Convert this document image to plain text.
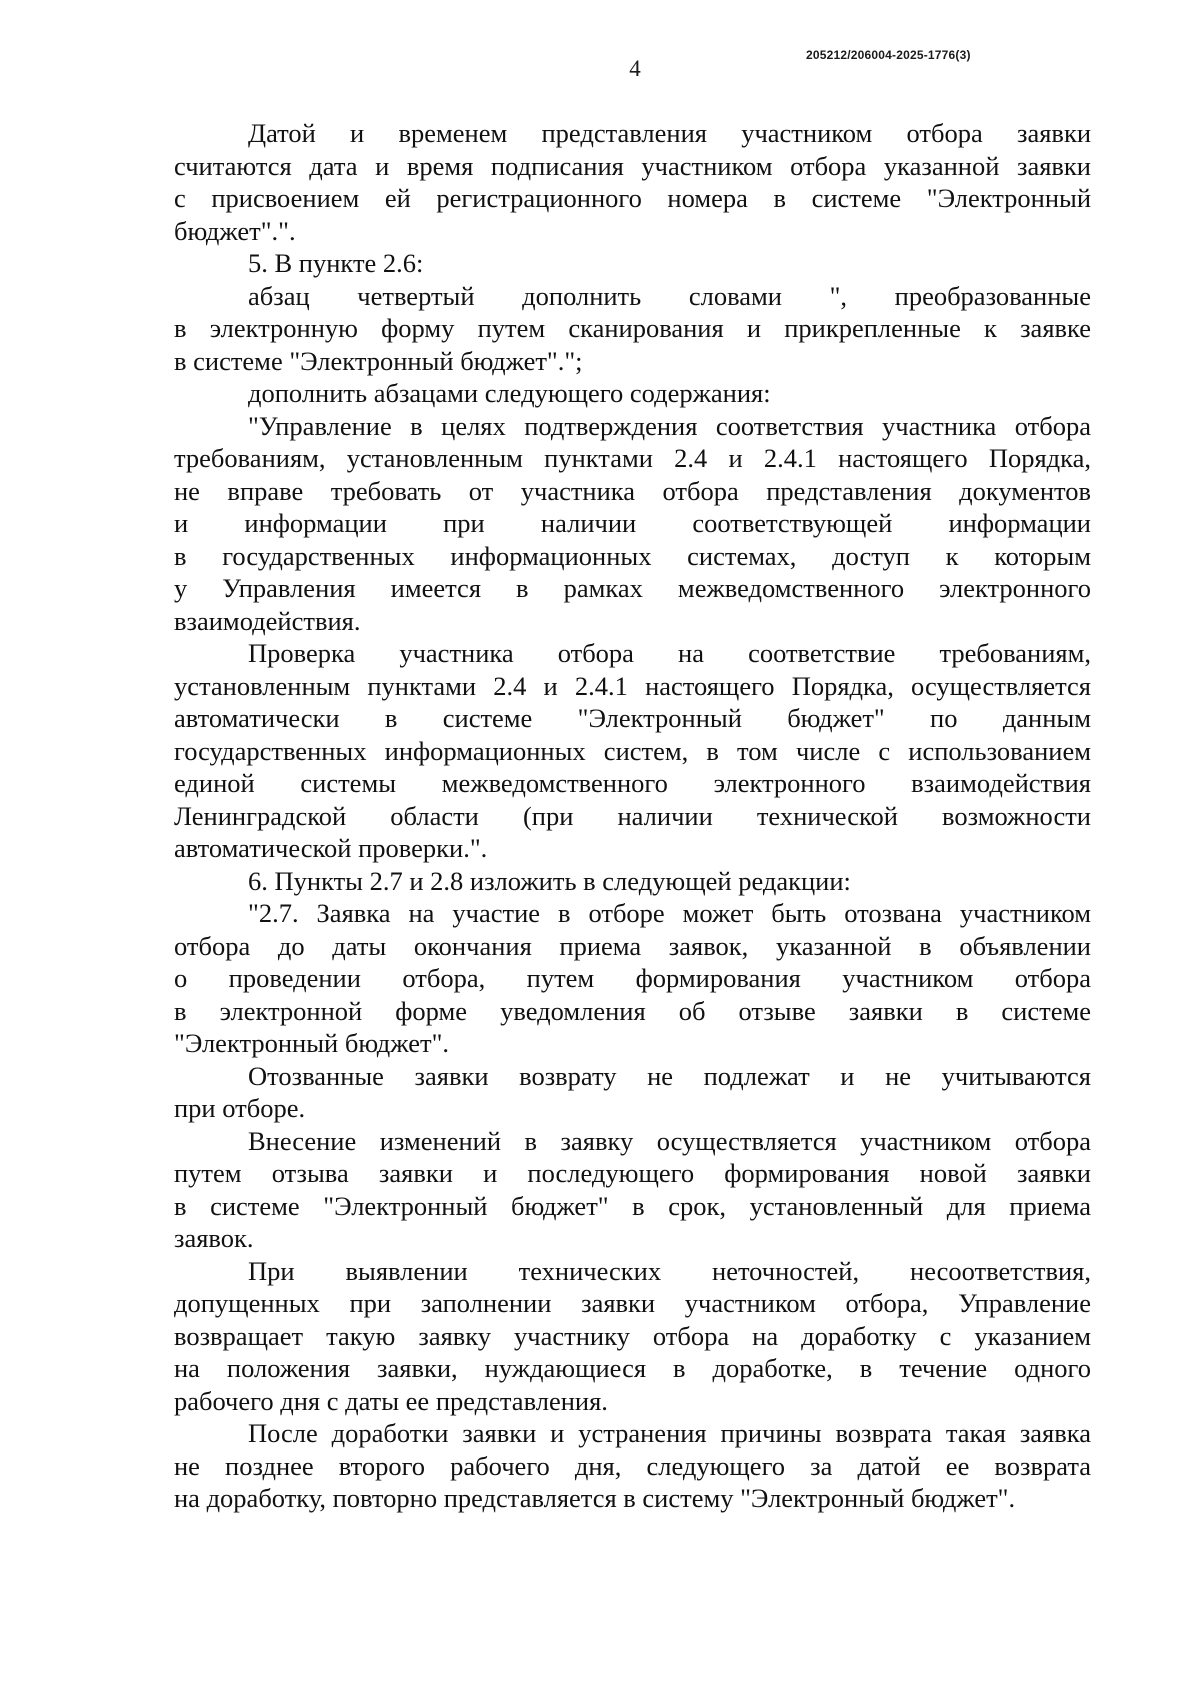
205212/206004-2025-1776(3)
4
Датой и временем представления участником отбора заявки
считаются дата и время подписания участником отбора указанной заявки
с присвоением ей регистрационного номера в системе "Электронный
бюджет".".
5. В пункте 2.6:
абзац четвертый дополнить словами ", преобразованные
в электронную форму путем сканирования и прикрепленные к заявке
в системе "Электронный бюджет".";
дополнить абзацами следующего содержания:
"Управление в целях подтверждения соответствия участника отбора
требованиям, установленным пунктами 2.4 и 2.4.1 настоящего Порядка,
не вправе требовать от участника отбора представления документов
и информации при наличии соответствующей информации
в государственных информационных системах, доступ к которым
у Управления имеется в рамках межведомственного электронного
взаимодействия.
Проверка участника отбора на соответствие требованиям,
установленным пунктами 2.4 и 2.4.1 настоящего Порядка, осуществляется
автоматически в системе "Электронный бюджет" по данным
государственных информационных систем, в том числе с использованием
единой системы межведомственного электронного взаимодействия
Ленинградской области (при наличии технической возможности
автоматической проверки.".
6. Пункты 2.7 и 2.8 изложить в следующей редакции:
"2.7. Заявка на участие в отборе может быть отозвана участником
отбора до даты окончания приема заявок, указанной в объявлении
о проведении отбора, путем формирования участником отбора
в электронной форме уведомления об отзыве заявки в системе
"Электронный бюджет".
Отозванные заявки возврату не подлежат и не учитываются
при отборе.
Внесение изменений в заявку осуществляется участником отбора
путем отзыва заявки и последующего формирования новой заявки
в системе "Электронный бюджет" в срок, установленный для приема
заявок.
При выявлении технических неточностей, несоответствия,
допущенных при заполнении заявки участником отбора, Управление
возвращает такую заявку участнику отбора на доработку с указанием
на положения заявки, нуждающиеся в доработке, в течение одного
рабочего дня с даты ее представления.
После доработки заявки и устранения причины возврата такая заявка
не позднее второго рабочего дня, следующего за датой ее возврата
на доработку, повторно представляется в систему "Электронный бюджет".
